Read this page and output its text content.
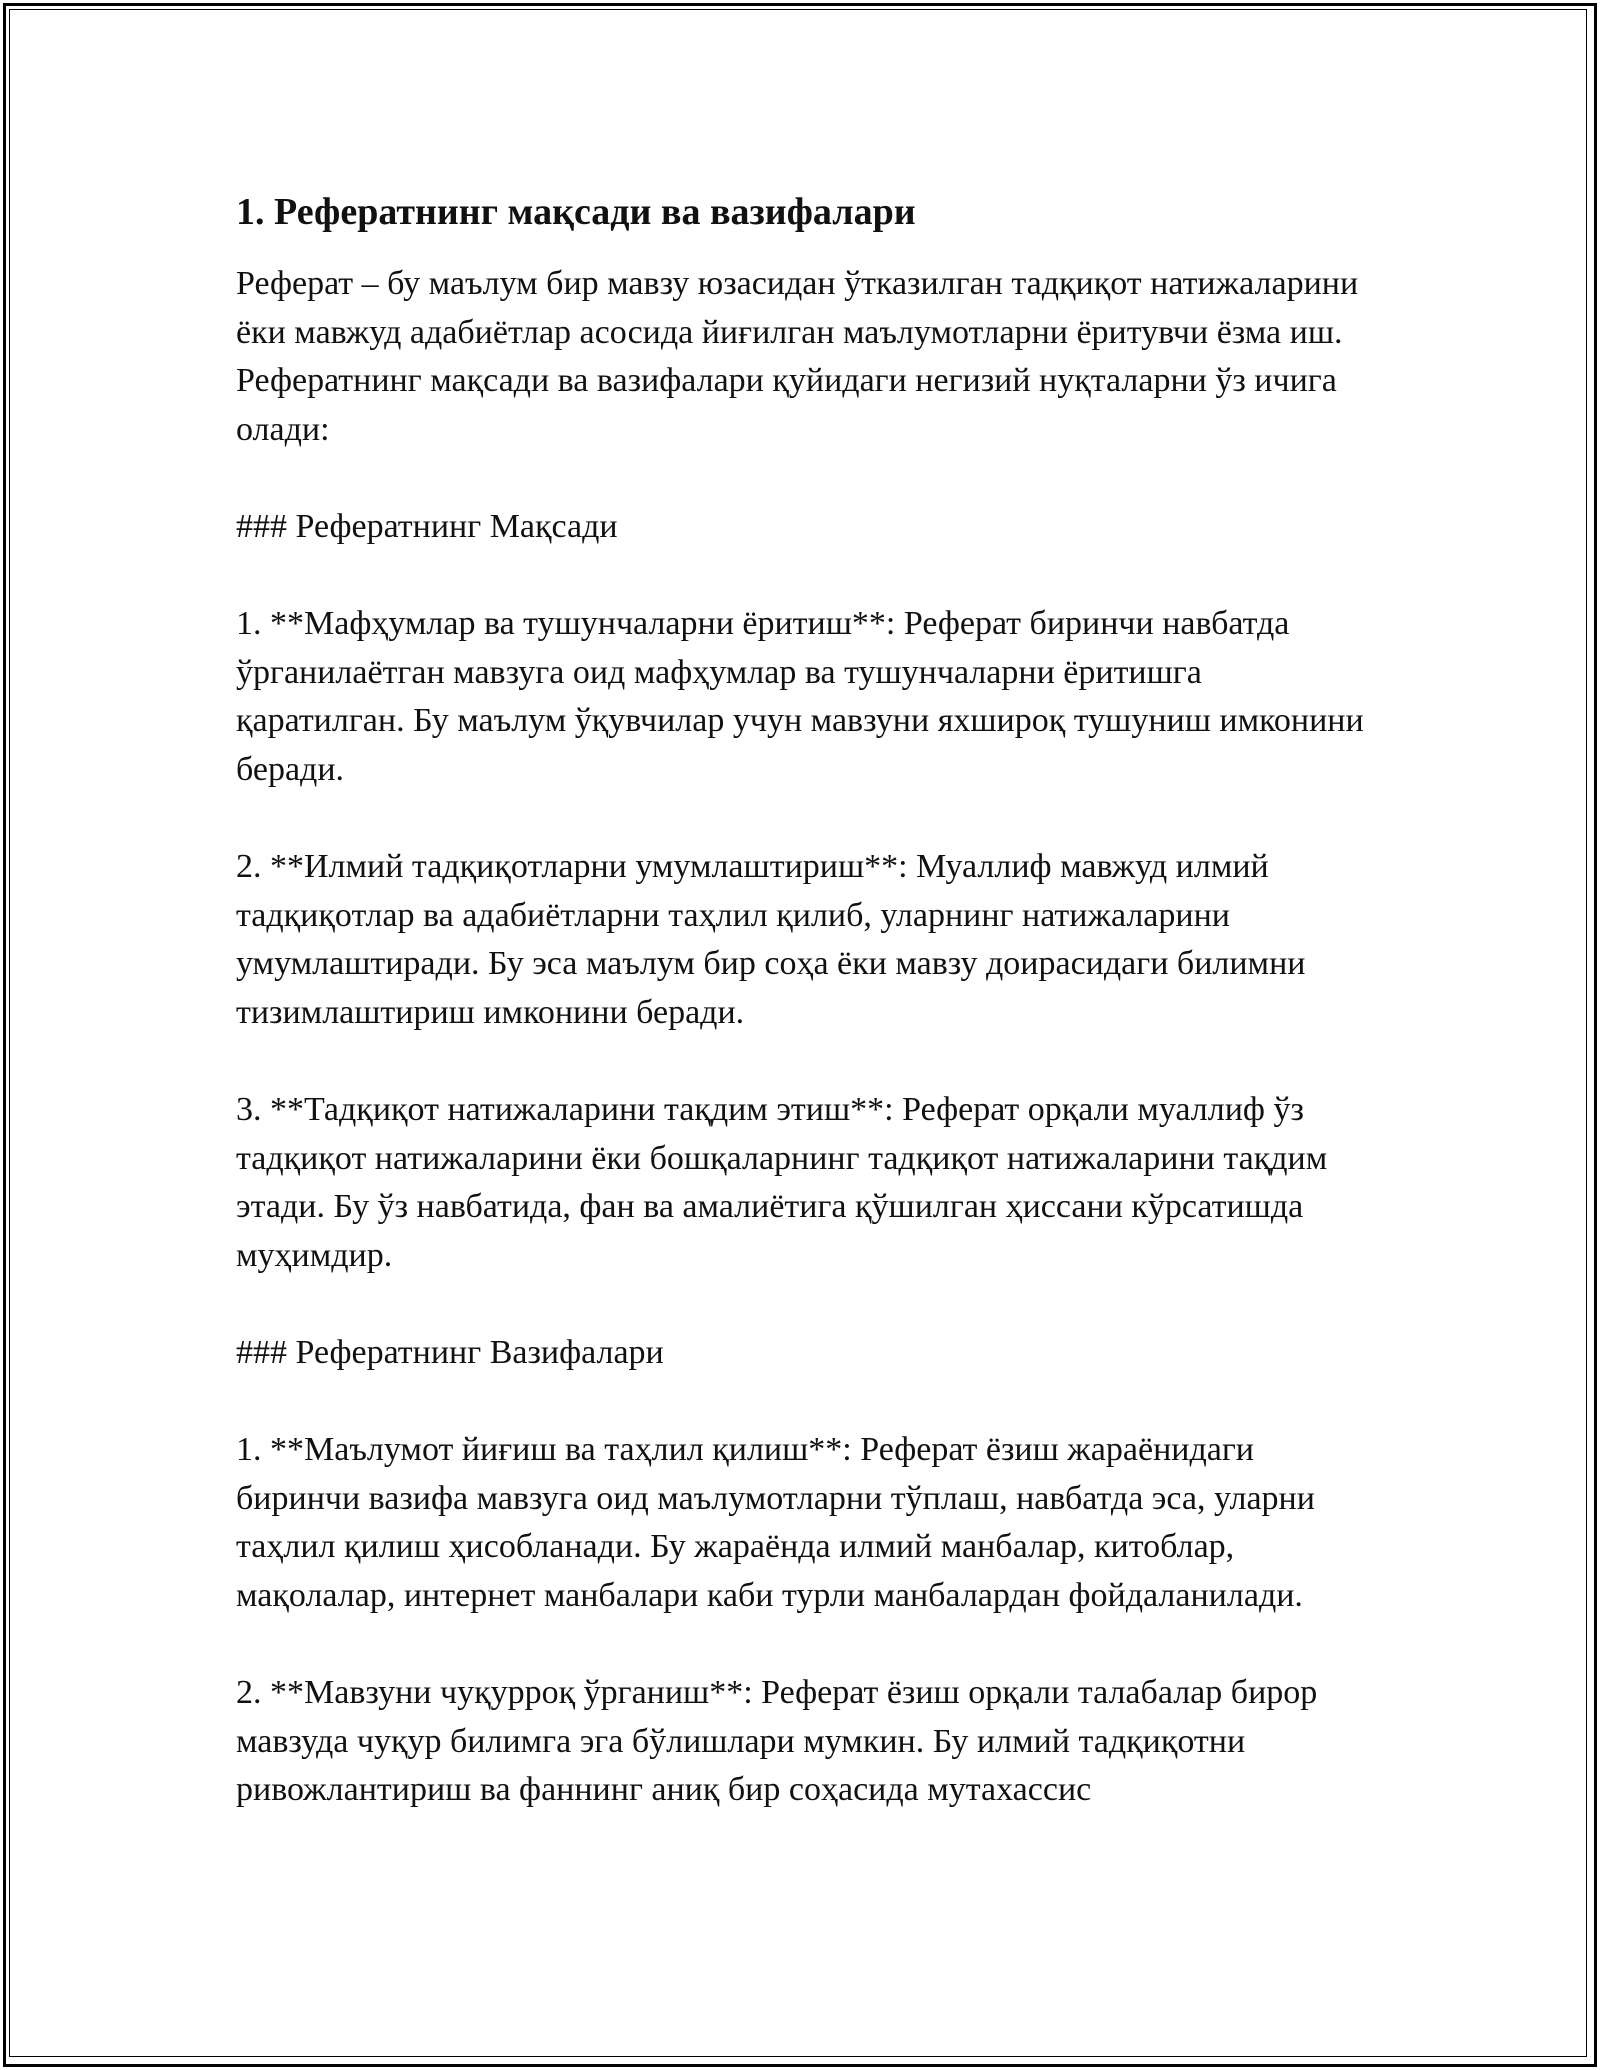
1. Рефератнинг мақсади ва вазифалари

Реферат – бу маълум бир мавзу юзасидан ўтказилган тадқиқот натижаларини ёки мавжуд адабиётлар асосида йиғилган маълумотларни ёритувчи ёзма иш. Рефератнинг мақсади ва вазифалари қуйидаги негизий нуқталарни ўз ичига олади:

### Рефератнинг Мақсади

1. **Мафҳумлар ва тушунчаларни ёритиш**: Реферат биринчи навбатда ўрганилаётган мавзуга оид мафҳумлар ва тушунчаларни ёритишга қаратилган. Бу маълум ўқувчилар учун мавзуни яхшироқ тушуниш имконини беради.

2. **Илмий тадқиқотларни умумлаштириш**: Муаллиф мавжуд илмий тадқиқотлар ва адабиётларни таҳлил қилиб, уларнинг натижаларини умумлаштиради. Бу эса маълум бир соҳа ёки мавзу доирасидаги билимни тизимлаштириш имконини беради.

3. **Тадқиқот натижаларини тақдим этиш**: Реферат орқали муаллиф ўз тадқиқот натижаларини ёки бошқаларнинг тадқиқот натижаларини тақдим этади. Бу ўз навбатида, фан ва амалиётига қўшилган ҳиссани кўрсатишда муҳимдир.

### Рефератнинг Вазифалари

1. **Маълумот йиғиш ва таҳлил қилиш**: Реферат ёзиш жараёнидаги биринчи вазифа мавзуга оид маълумотларни тўплаш, навбатда эса, уларни таҳлил қилиш ҳисобланади. Бу жараёнда илмий манбалар, китоблар, мақолалар, интернет манбалари каби турли манбалардан фойдаланилади.

2. **Мавзуни чуқурроқ ўрганиш**: Реферат ёзиш орқали талабалар бирор мавзуда чуқур билимга эга бўлишлари мумкин. Бу илмий тадқиқотни ривожлантириш ва фаннинг аниқ бир соҳасида мутахассис
